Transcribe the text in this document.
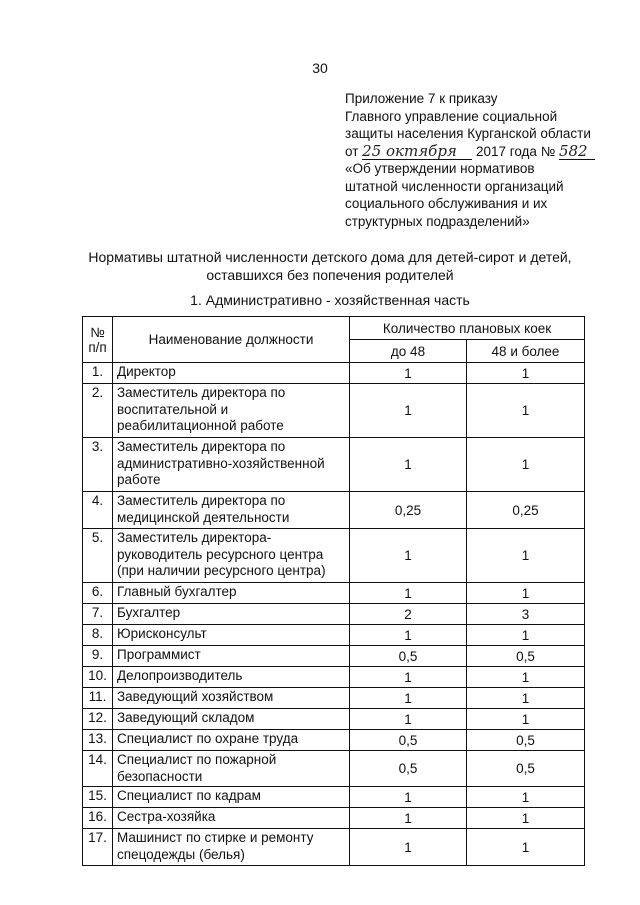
30
Приложение 7 к приказу
Главного управление социальной
защиты населения Курганской области
от 25 октября 2017 года № 582
«Об утверждении нормативов
штатной численности организаций
социального обслуживания и их
структурных подразделений»
Нормативы штатной численности детского дома для детей-сирот и детей,
оставшихся без попечения родителей
1. Административно - хозяйственная часть
№ п/п	Наименование должности	Количество плановых коек	
		до 48	48 и более
1.	Директор	1	1
2.	Заместитель директора по воспитательной и реабилитационной работе	1	1
3.	Заместитель директора по административно-хозяйственной работе	1	1
4.	Заместитель директора по медицинской деятельности	0,25	0,25
5.	Заместитель директора- руководитель ресурсного центра (при наличии ресурсного центра)	1	1
6.	Главный бухгалтер	1	1
7.	Бухгалтер	2	3
8.	Юрисконсульт	1	1
9.	Программист	0,5	0,5
10.	Делопроизводитель	1	1
11.	Заведующий хозяйством	1	1
12.	Заведующий складом	1	1
13.	Специалист по охране труда	0,5	0,5
14.	Специалист по пожарной безопасности	0,5	0,5
15.	Специалист по кадрам	1	1
16.	Сестра-хозяйка	1	1
17.	Машинист по стирке и ремонту спецодежды (белья)	1	1
